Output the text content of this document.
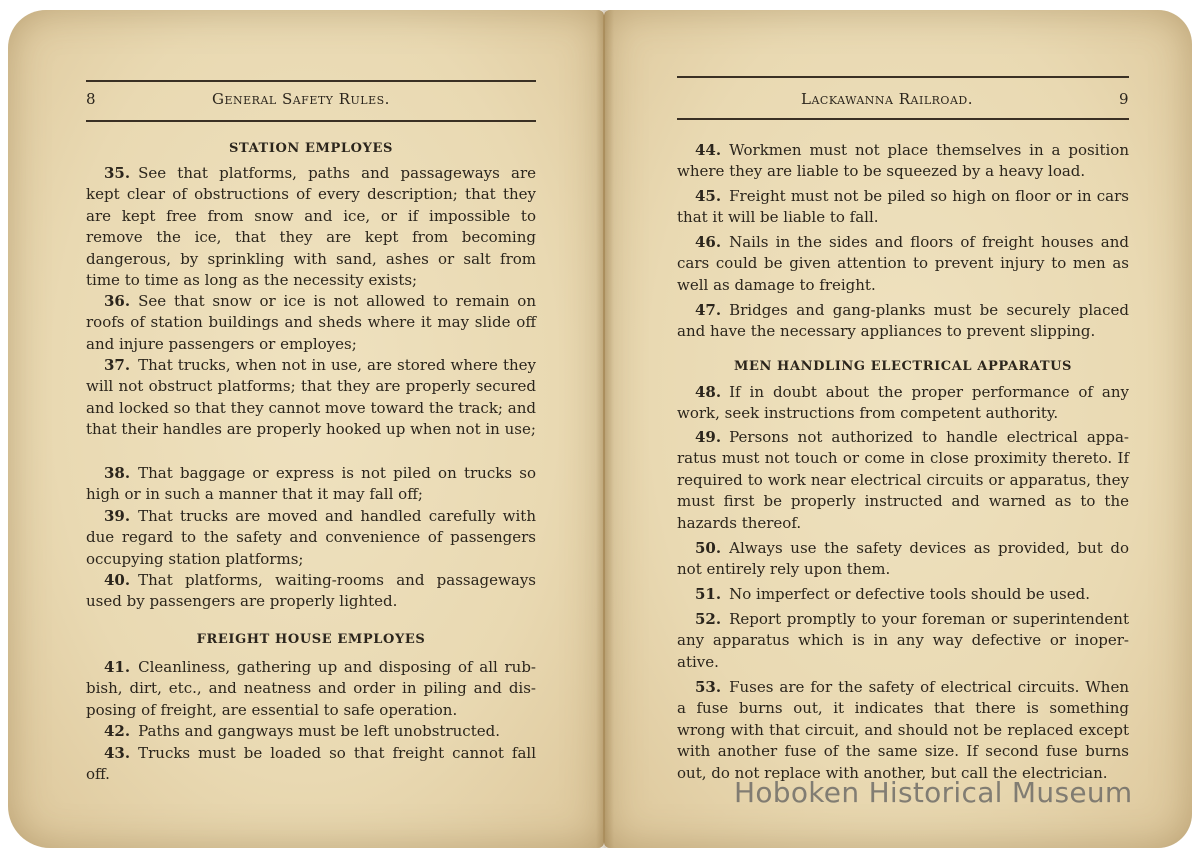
8	General Safety Rules.
STATION EMPLOYES
35. See that platforms, paths and passageways are kept clear of obstructions of every description; that they are kept free from snow and ice, or if impossible to remove the ice, that they are kept from becoming dangerous, by sprinkling with sand, ashes or salt from time to time as long as the necessity exists;
36. See that snow or ice is not allowed to remain on roofs of station buildings and sheds where it may slide off and injure passengers or employes;
37. That trucks, when not in use, are stored where they will not obstruct platforms; that they are properly secured and locked so that they cannot move toward the track; and that their handles are properly hooked up when not in use;
38. That baggage or express is not piled on trucks so high or in such a manner that it may fall off;
39. That trucks are moved and handled carefully with due regard to the safety and convenience of passengers occupying station platforms;
40. That platforms, waiting-rooms and passageways used by passengers are properly lighted.
FREIGHT HOUSE EMPLOYES
41. Cleanliness, gathering up and disposing of all rubbish, dirt, etc., and neatness and order in piling and disposing of freight, are essential to safe operation.
42. Paths and gangways must be left unobstructed.
43. Trucks must be loaded so that freight cannot fall off.
Lackawanna Railroad.	9
44. Workmen must not place themselves in a position where they are liable to be squeezed by a heavy load.
45. Freight must not be piled so high on floor or in cars that it will be liable to fall.
46. Nails in the sides and floors of freight houses and cars could be given attention to prevent injury to men as well as damage to freight.
47. Bridges and gang-planks must be securely placed and have the necessary appliances to prevent slipping.
MEN HANDLING ELECTRICAL APPARATUS
48. If in doubt about the proper performance of any work, seek instructions from competent authority.
49. Persons not authorized to handle electrical apparatus must not touch or come in close proximity thereto. If required to work near electrical circuits or apparatus, they must first be properly instructed and warned as to the hazards thereof.
50. Always use the safety devices as provided, but do not entirely rely upon them.
51. No imperfect or defective tools should be used.
52. Report promptly to your foreman or superintendent any apparatus which is in any way defective or inoperative.
53. Fuses are for the safety of electrical circuits. When a fuse burns out, it indicates that there is something wrong with that circuit, and should not be replaced except with another fuse of the same size. If second fuse burns out, do not replace with another, but call the electrician.
Hoboken Historical Museum
